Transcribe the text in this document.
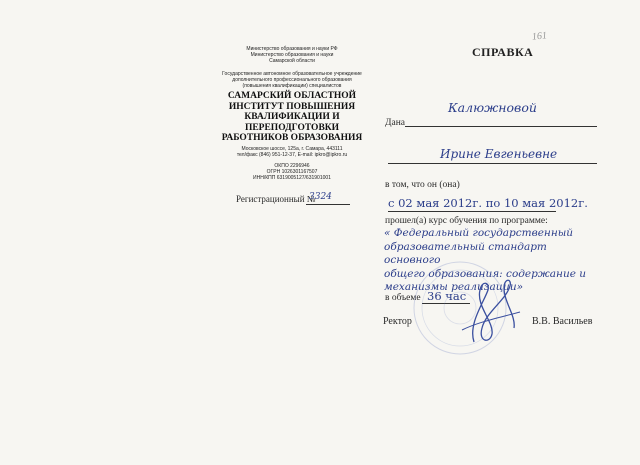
Министерство образования и науки РФ
Министерство образования и науки
Самарской области
Государственное автономное образовательное учреждение
дополнительного профессионального образования
(повышения квалификации) специалистов
САМАРСКИЙ ОБЛАСТНОЙ
ИНСТИТУТ ПОВЫШЕНИЯ
КВАЛИФИКАЦИИ И
ПЕРЕПОДГОТОВКИ
РАБОТНИКОВ ОБРАЗОВАНИЯ
Московское шоссе, 125а, г. Самара, 443111
тел/факс (846) 951-12-37, E-mail: ipkro@ipkro.ru
ОКПО 2296946
ОГРН 1026301167507
ИНН/КПП 6319005127/631901001
Регистрационный №
3324
СПРАВКА
161
Калюжновой
Дана
Ирине Евгеньевне
в том, что он (она)
с 02 мая 2012г. по 10 мая 2012г.
прошел(а) курс обучения по программе:
« Федеральный государственный
образовательный стандарт основного
общего образования: содержание и
механизмы реализации»
в объеме 36 час
Ректор	В.В. Васильев
